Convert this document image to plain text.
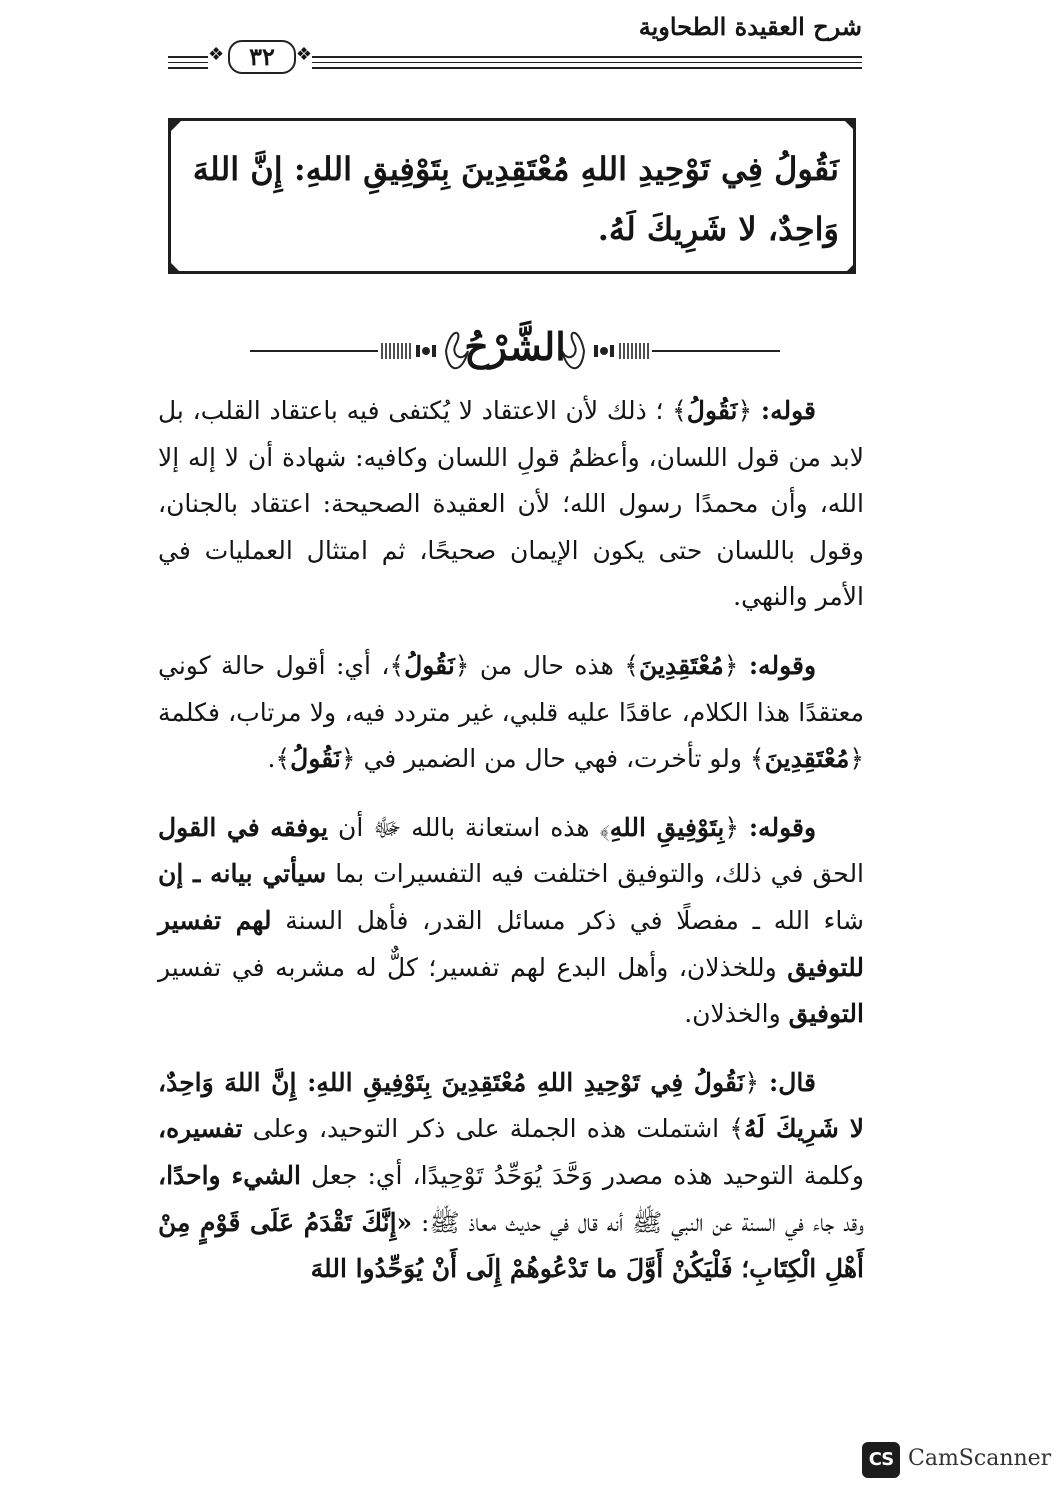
شرح العقيدة الطحاوية
❖	٣٢	❖
نَقُولُ فِي تَوْحِيدِ اللهِ مُعْتَقِدِينَ بِتَوْفِيقِ اللهِ: إِنَّ اللهَ وَاحِدٌ، لا شَرِيكَ لَهُ.
الشَّرْحُ

قوله: ﴿نَقُولُ﴾ ؛ ذلك لأن الاعتقاد لا يُكتفى فيه باعتقاد القلب، بل لابد من قول اللسان، وأعظمُ قولِ اللسان وكافيه: شهادة أن لا إله إلا الله، وأن محمدًا رسول الله؛ لأن العقيدة الصحيحة: اعتقاد بالجنان، وقول باللسان حتى يكون الإيمان صحيحًا، ثم امتثال العمليات في الأمر والنهي.

وقوله: ﴿مُعْتَقِدِينَ﴾ هذه حال من ﴿نَقُولُ﴾، أي: أقول حالة كوني معتقدًا هذا الكلام، عاقدًا عليه قلبي، غير متردد فيه، ولا مرتاب، فكلمة ﴿مُعْتَقِدِينَ﴾ ولو تأخرت، فهي حال من الضمير في ﴿نَقُولُ﴾.

وقوله: ﴿بِتَوْفِيقِ اللهِ﴾ هذه استعانة بالله ﷻ أن يوفقه في القول الحق في ذلك، والتوفيق اختلفت فيه التفسيرات بما سيأتي بيانه ـ إن شاء الله ـ مفصلًا في ذكر مسائل القدر، فأهل السنة لهم تفسير للتوفيق وللخذلان، وأهل البدع لهم تفسير؛ كلٌّ له مشربه في تفسير التوفيق والخذلان.

قال: ﴿نَقُولُ فِي تَوْحِيدِ اللهِ مُعْتَقِدِينَ بِتَوْفِيقِ اللهِ: إِنَّ اللهَ وَاحِدٌ، لا شَرِيكَ لَهُ﴾ اشتملت هذه الجملة على ذكر التوحيد، وعلى تفسيره، وكلمة التوحيد هذه مصدر وَحَّدَ يُوَحِّدُ تَوْحِيدًا، أي: جعل الشيء واحدًا، وقد جاء في السنة عن النبي ﷺ أنه قال في حديث معاذ ﷺ: «إِنَّكَ تَقْدَمُ عَلَى قَوْمٍ مِنْ أَهْلِ الْكِتَابِ؛ فَلْيَكُنْ أَوَّلَ ما تَدْعُوهُمْ إِلَى أَنْ يُوَحِّدُوا اللهَ

CS CamScanner
